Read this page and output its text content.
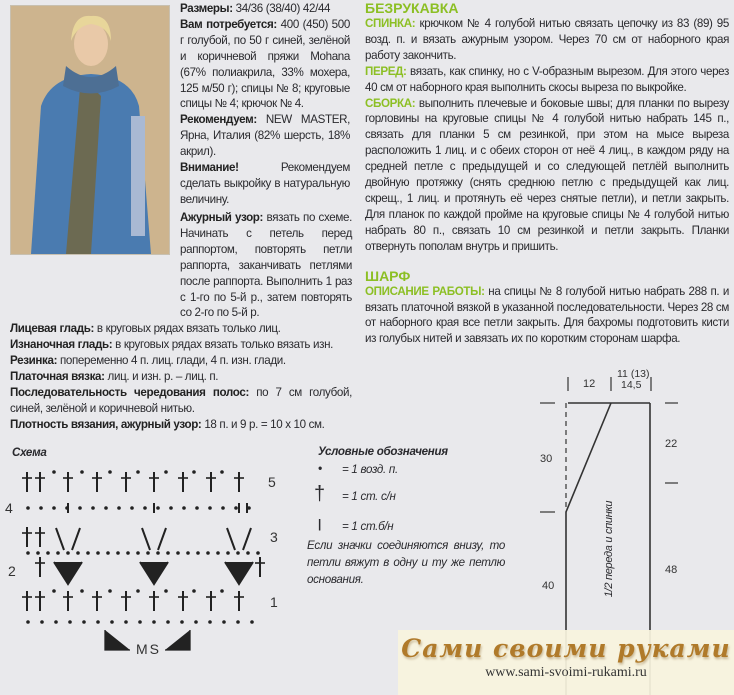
Размеры: 34/36 (38/40) 42/44

Вам потребуется: 400 (450) 500 г голубой, по 50 г синей, зелёной и коричневой пряжи Mohana (67% полиакрила, 33% мохера, 125 м/50 г); спицы № 8; круговые спицы № 4; крючок № 4.

Рекомендуем: NEW MASTER, Ярна, Италия (82% шерсть, 18% акрил).

Внимание! Рекомендуем сделать выкройку в натуральную величину.

Ажурный узор: вязать по схеме. Начинать с петель перед раппортом, повторять петли раппорта, заканчивать петлями после раппорта. Выполнить 1 раз с 1-го по 5-й р., затем повторять со 2-го по 5-й р.

Лицевая гладь: в круговых рядах вязать только лиц.

Изнаночная гладь: в круговых рядах вязать только вязать изн.

Резинка: попеременно 4 п. лиц. глади, 4 п. изн. глади.

Платочная вязка: лиц. и изн. р. – лиц. п.

Последовательность чередования полос: по 7 см голубой, синей, зелёной и коричневой нитью.

Плотность вязания, ажурный узор: 18 п. и 9 р. = 10 х 10 см.

БЕЗРУКАВКА

СПИНКА: крючком № 4 голубой нитью связать цепочку из 83 (89) 95 возд. п. и вязать ажурным узором. Через 70 см от наборного края работу закончить.

ПЕРЕД: вязать, как спинку, но с V-образным вырезом. Для этого через 40 см от наборного края выполнить скосы выреза по выкройке.

СБОРКА: выполнить плечевые и боковые швы; для планки по вырезу горловины на круговые спицы № 4 голубой нитью набрать 145 п., связать для планки 5 см резинкой, при этом на мысе выреза расположить 1 лиц. и с обеих сторон от неё 4 лиц., в каждом ряду на средней петле с предыдущей и со следующей петлёй выполнить двойную протяжку (снять среднюю петлю с предыдущей как лиц. скрещ., 1 лиц. и протянуть её через снятые петли), и петли закрыть. Для планок по каждой пройме на круговые спицы № 4 голубой нитью набрать 80 п., связать 10 см резинкой и петли закрыть. Планки отвернуть пополам внутрь и пришить.

ШАРФ

ОПИСАНИЕ РАБОТЫ: на спицы № 8 голубой нитью набрать 288 п. и вязать платочной вязкой в указанной последовательности. Через 28 см от наборного края все петли закрыть. Для бахромы подготовить кисти из голубых нитей и завязать их по коротким сторонам шарфа.

Схема
5
4
3
2
1
MS
Условные обозначения
• = 1 возд. п.
† = 1 ст. с/н
| = 1 ст.б/н
Если значки соединяются внизу, то петли вяжут в одну и ту же петлю основания.
12
11 (13)
14,5
30
40
22
48
1/2 переда и спинки
Сами своими руками
www.sami-svoimi-rukami.ru
